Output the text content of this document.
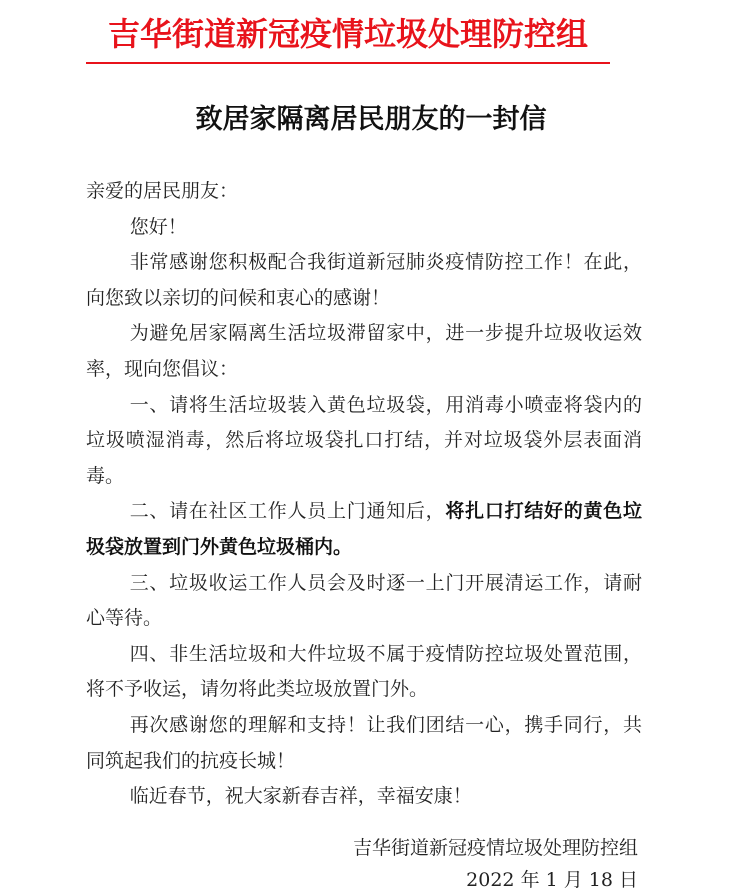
吉华街道新冠疫情垃圾处理防控组
致居家隔离居民朋友的一封信

亲爱的居民朋友：

您好！

非常感谢您积极配合我街道新冠肺炎疫情防控工作！在此，向您致以亲切的问候和衷心的感谢！

为避免居家隔离生活垃圾滞留家中，进一步提升垃圾收运效率，现向您倡议：

一、请将生活垃圾装入黄色垃圾袋，用消毒小喷壶将袋内的垃圾喷湿消毒，然后将垃圾袋扎口打结，并对垃圾袋外层表面消毒。

二、请在社区工作人员上门通知后，将扎口打结好的黄色垃圾袋放置到门外黄色垃圾桶内。

三、垃圾收运工作人员会及时逐一上门开展清运工作，请耐心等待。

四、非生活垃圾和大件垃圾不属于疫情防控垃圾处置范围，将不予收运，请勿将此类垃圾放置门外。

再次感谢您的理解和支持！让我们团结一心，携手同行，共同筑起我们的抗疫长城！

临近春节，祝大家新春吉祥，幸福安康！

吉华街道新冠疫情垃圾处理防控组
2022 年 1 月 18 日
